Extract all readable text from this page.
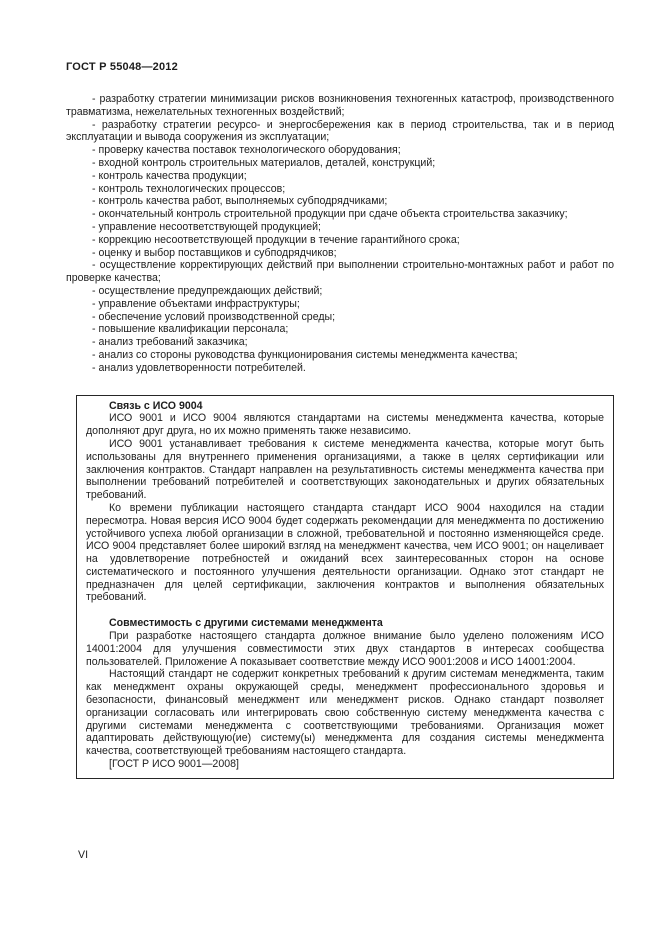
ГОСТ Р 55048—2012

- разработку стратегии минимизации рисков возникновения техногенных катастроф, производственного травматизма, нежелательных техногенных воздействий;

- разработку стратегии ресурсо- и энергосбережения как в период строительства, так и в период эксплуатации и вывода сооружения из эксплуатации;

- проверку качества поставок технологического оборудования;

- входной контроль строительных материалов, деталей, конструкций;

- контроль качества продукции;

- контроль технологических процессов;

- контроль качества работ, выполняемых субподрядчиками;

- окончательный контроль строительной продукции при сдаче объекта строительства заказчику;

- управление несоответствующей продукцией;

- коррекцию несоответствующей продукции в течение гарантийного срока;

- оценку и выбор поставщиков и субподрядчиков;

- осуществление корректирующих действий при выполнении строительно-монтажных работ и работ по проверке качества;

- осуществление предупреждающих действий;

- управление объектами инфраструктуры;

- обеспечение условий производственной среды;

- повышение квалификации персонала;

- анализ требований заказчика;

- анализ со стороны руководства функционирования системы менеджмента качества;

- анализ удовлетворенности потребителей.

Связь с ИСО 9004

ИСО 9001 и ИСО 9004 являются стандартами на системы менеджмента качества, которые дополняют друг друга, но их можно применять также независимо.

ИСО 9001 устанавливает требования к системе менеджмента качества, которые могут быть использованы для внутреннего применения организациями, а также в целях сертификации или заключения контрактов. Стандарт направлен на результативность системы менеджмента качества при выполнении требований потребителей и соответствующих законодательных и других обязательных требований.

Ко времени публикации настоящего стандарта стандарт ИСО 9004 находился на стадии пересмотра. Новая версия ИСО 9004 будет содержать рекомендации для менеджмента по достижению устойчивого успеха любой организации в сложной, требовательной и постоянно изменяющейся среде. ИСО 9004 представляет более широкий взгляд на менеджмент качества, чем ИСО 9001; он нацеливает на удовлетворение потребностей и ожиданий всех заинтересованных сторон на основе систематического и постоянного улучшения деятельности организации. Однако этот стандарт не предназначен для целей сертификации, заключения контрактов и выполнения обязательных требований.

Совместимость с другими системами менеджмента

При разработке настоящего стандарта должное внимание было уделено положениям ИСО 14001:2004 для улучшения совместимости этих двух стандартов в интересах сообщества пользователей. Приложение А показывает соответствие между ИСО 9001:2008 и ИСО 14001:2004.

Настоящий стандарт не содержит конкретных требований к другим системам менеджмента, таким как менеджмент охраны окружающей среды, менеджмент профессионального здоровья и безопасности, финансовый менеджмент или менеджмент рисков. Однако стандарт позволяет организации согласовать или интегрировать свою собственную систему менеджмента качества с другими системами менеджмента с соответствующими требованиями. Организация может адаптировать действующую(ие) систему(ы) менеджмента для создания системы менеджмента качества, соответствующей требованиям настоящего стандарта.

[ГОСТ Р ИСО 9001—2008]

VI
